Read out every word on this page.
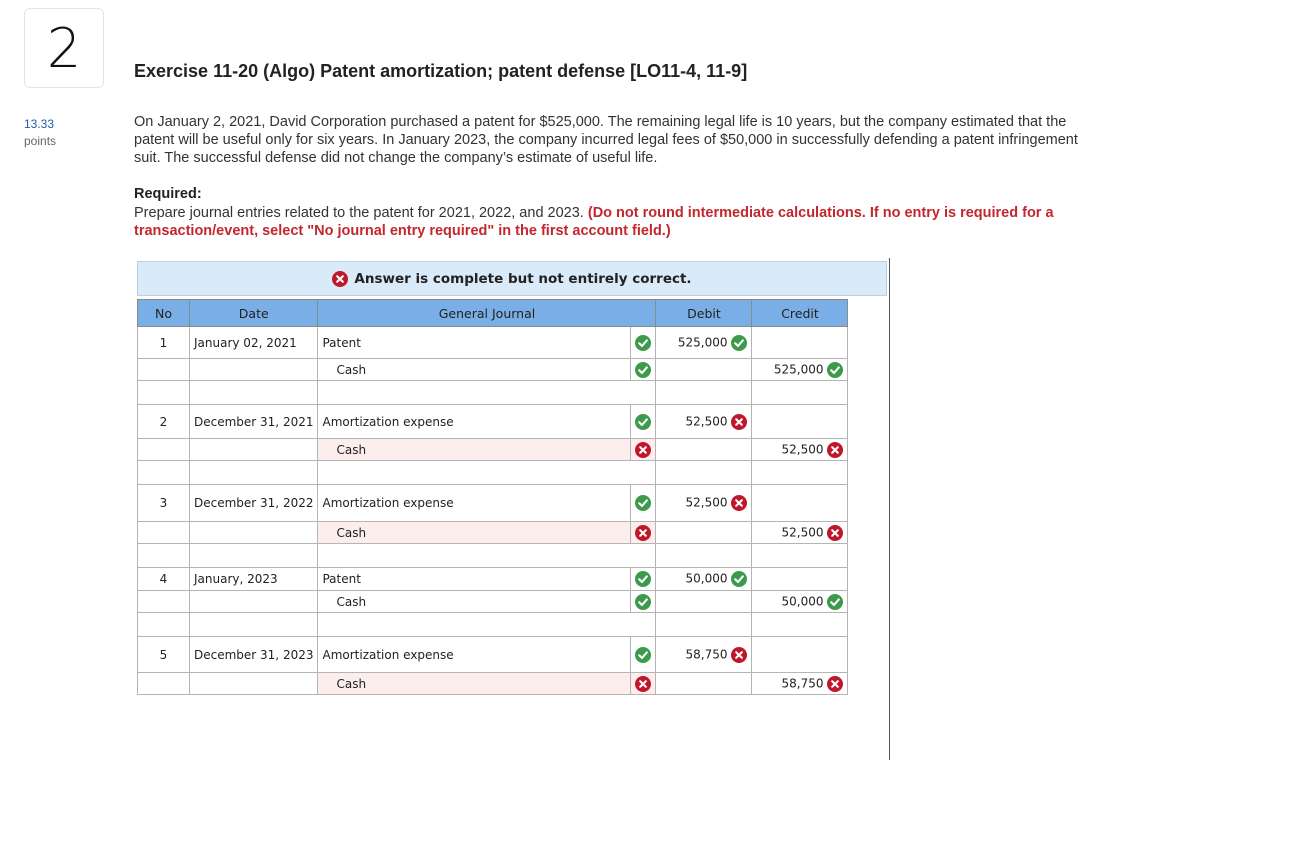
2
13.33
points
Exercise 11-20 (Algo) Patent amortization; patent defense [LO11-4, 11-9]
On January 2, 2021, David Corporation purchased a patent for $525,000. The remaining legal life is 10 years, but the company estimated that the patent will be useful only for six years. In January 2023, the company incurred legal fees of $50,000 in successfully defending a patent infringement suit. The successful defense did not change the company’s estimate of useful life.
Required:
Prepare journal entries related to the patent for 2021, 2022, and 2023. (Do not round intermediate calculations. If no entry is required for a transaction/event, select "No journal entry required" in the first account field.)
Answer is complete but not entirely correct.
No	Date	General Journal		Debit	Credit
1	January 02, 2021	Patent		525,000

		Cash			525,000

2	December 31, 2021	Amortization expense		52,500

		Cash			52,500

3	December 31, 2022	Amortization expense		52,500

		Cash			52,500

4	January, 2023	Patent		50,000

		Cash			50,000

5	December 31, 2023	Amortization expense		58,750

		Cash			58,750
